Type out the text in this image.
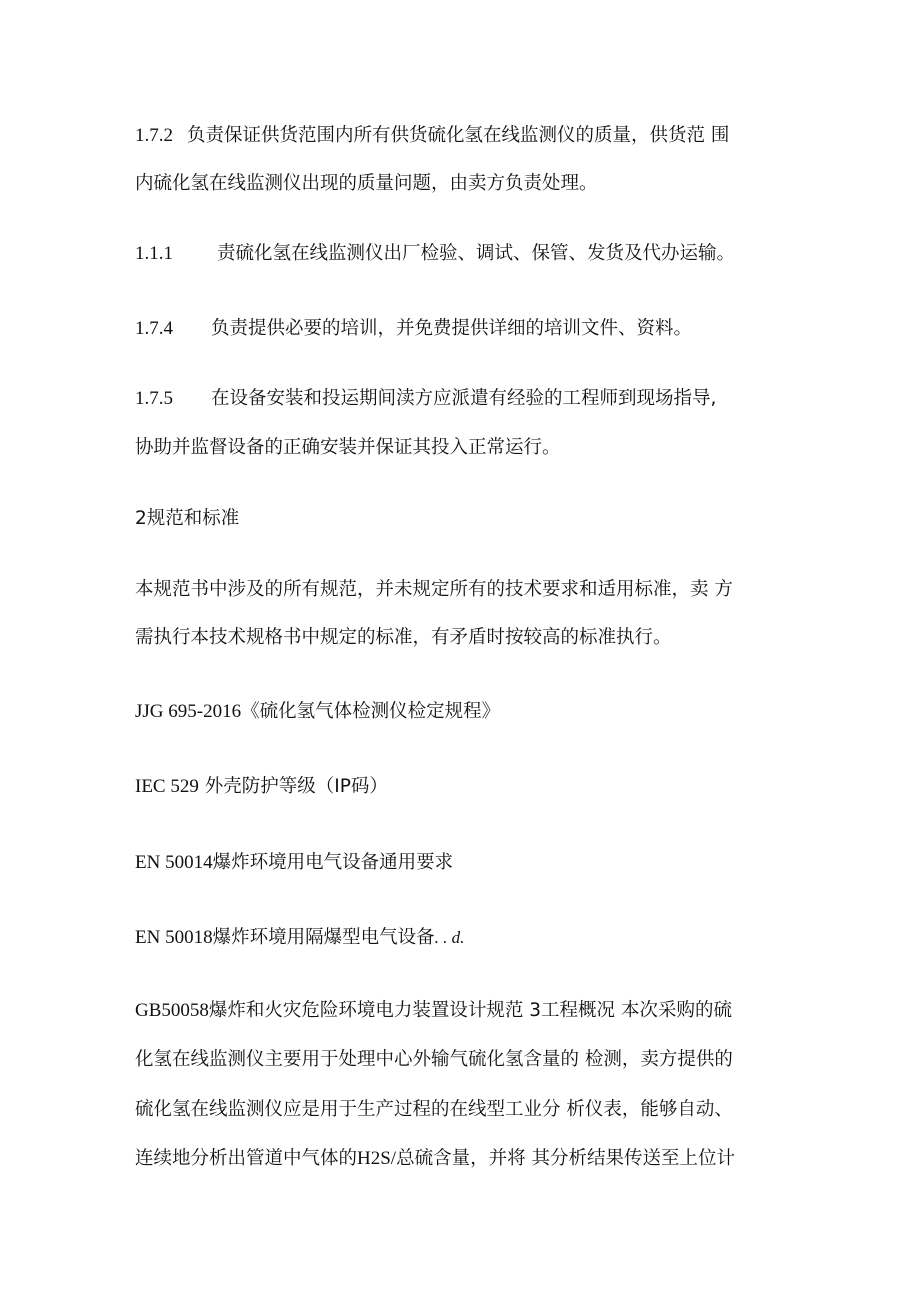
1.7.2 负责保证供货范围内所有供货硫化氢在线监测仪的质量，供货范 围
内硫化氢在线监测仪出现的质量问题，由卖方负责处理。
1.1.1 责硫化氢在线监测仪出厂检验、调试、保管、发货及代办运输。
1.7.4 负责提供必要的培训，并免费提供详细的培训文件、资料。
1.7.5 在设备安装和投运期间渎方应派遣有经验的工程师到现场指导,
协助并监督设备的正确安装并保证其投入正常运行。
2规范和标准
本规范书中涉及的所有规范，并未规定所有的技术要求和适用标准，卖 方
需执行本技术规格书中规定的标准，有矛盾时按较高的标准执行。
JJG 695-2016《硫化氢气体检测仪检定规程》
IEC 529 外壳防护等级（IP码）
EN 50014爆炸环境用电气设备通用要求
EN 50018爆炸环境用隔爆型电气设备. . d.
GB50058爆炸和火灾危险环境电力装置设计规范 3工程概况 本次采购的硫
化氢在线监测仪主要用于处理中心外输气硫化氢含量的 检测，卖方提供的
硫化氢在线监测仪应是用于生产过程的在线型工业分 析仪表，能够自动、
连续地分析出管道中气体的H2S/总硫含量，并将 其分析结果传送至上位计
